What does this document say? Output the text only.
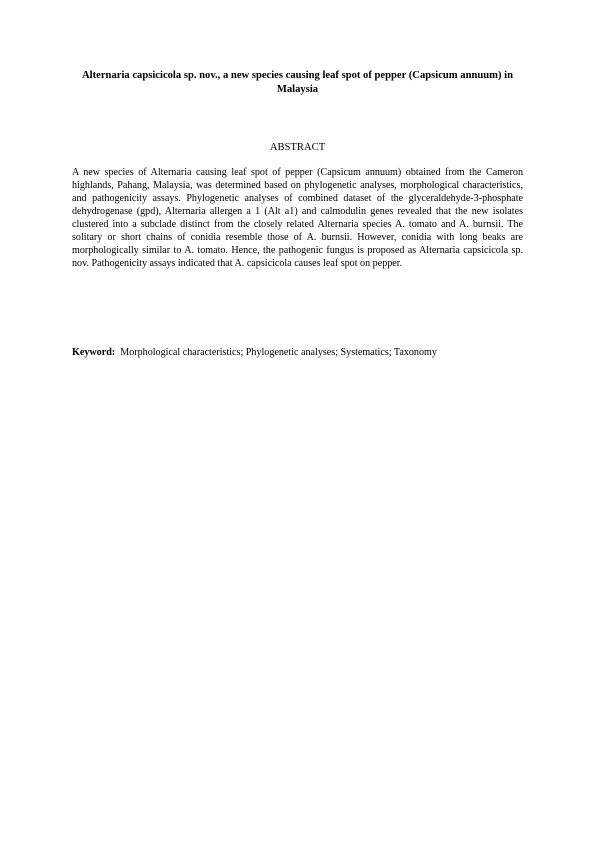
Alternaria capsicicola sp. nov., a new species causing leaf spot of pepper (Capsicum annuum) in Malaysia
ABSTRACT

A new species of Alternaria causing leaf spot of pepper (Capsicum annuum) obtained from the Cameron highlands, Pahang, Malaysia, was determined based on phylogenetic analyses, morphological characteristics, and pathogenicity assays. Phylogenetic analyses of combined dataset of the glyceraldehyde-3-phosphate dehydrogenase (gpd), Alternaria allergen a 1 (Alt a1) and calmodulin genes revealed that the new isolates clustered into a subclade distinct from the closely related Alternaria species A. tomato and A. burnsii. The solitary or short chains of conidia resemble those of A. burnsii. However, conidia with long beaks are morphologically similar to A. tomato. Hence, the pathogenic fungus is proposed as Alternaria capsicicola sp. nov. Pathogenicity assays indicated that A. capsicicola causes leaf spot on pepper.

Keyword: Morphological characteristics; Phylogenetic analyses; Systematics; Taxonomy
